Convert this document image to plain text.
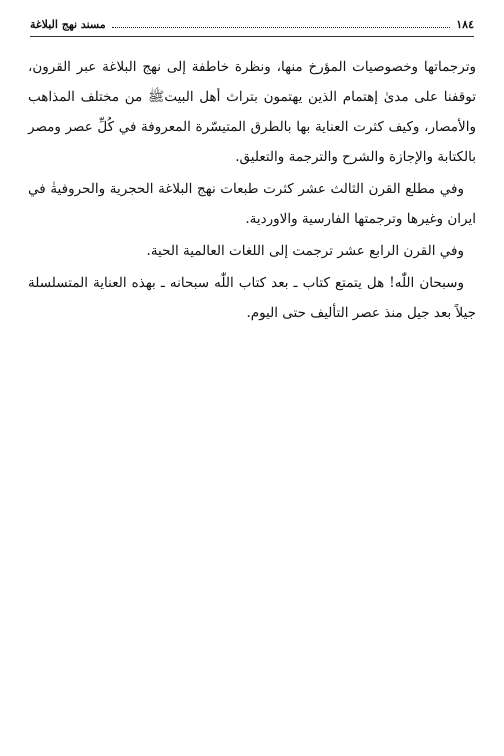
١٨٤
مسند نهج البلاغة

وترجماتها وخصوصيات المؤرخ منها، ونظرة خاطفة إلى نهج البلاغة عبر القرون، توقفنا على مدىٰ إهتمام الذين يهتمون بتراث أهل البيتﷺ من مختلف المذاهب والأمصار، وكيف كثرت العناية بها بالطرق المتيسّرة المعروفة في كُلِّ عصر ومصر بالكتابة والإجازة والشرح والترجمة والتعليق.

وفي مطلع القرن الثالث عشر كثرت طبعات نهج البلاغة الحجرية والحروفيةٰ في ايران وغيرها وترجمتها الفارسية والاوردية.

وفي القرن الرابع عشر ترجمت إلى اللغات العالمية الحية.

وسبحان اللّٰه! هل يتمتع كتاب ـ بعد كتاب اللّٰه سبحانه ـ بهذه العناية المتسلسلة جيلاً بعد جيل منذ عصر التأليف حتى اليوم.
